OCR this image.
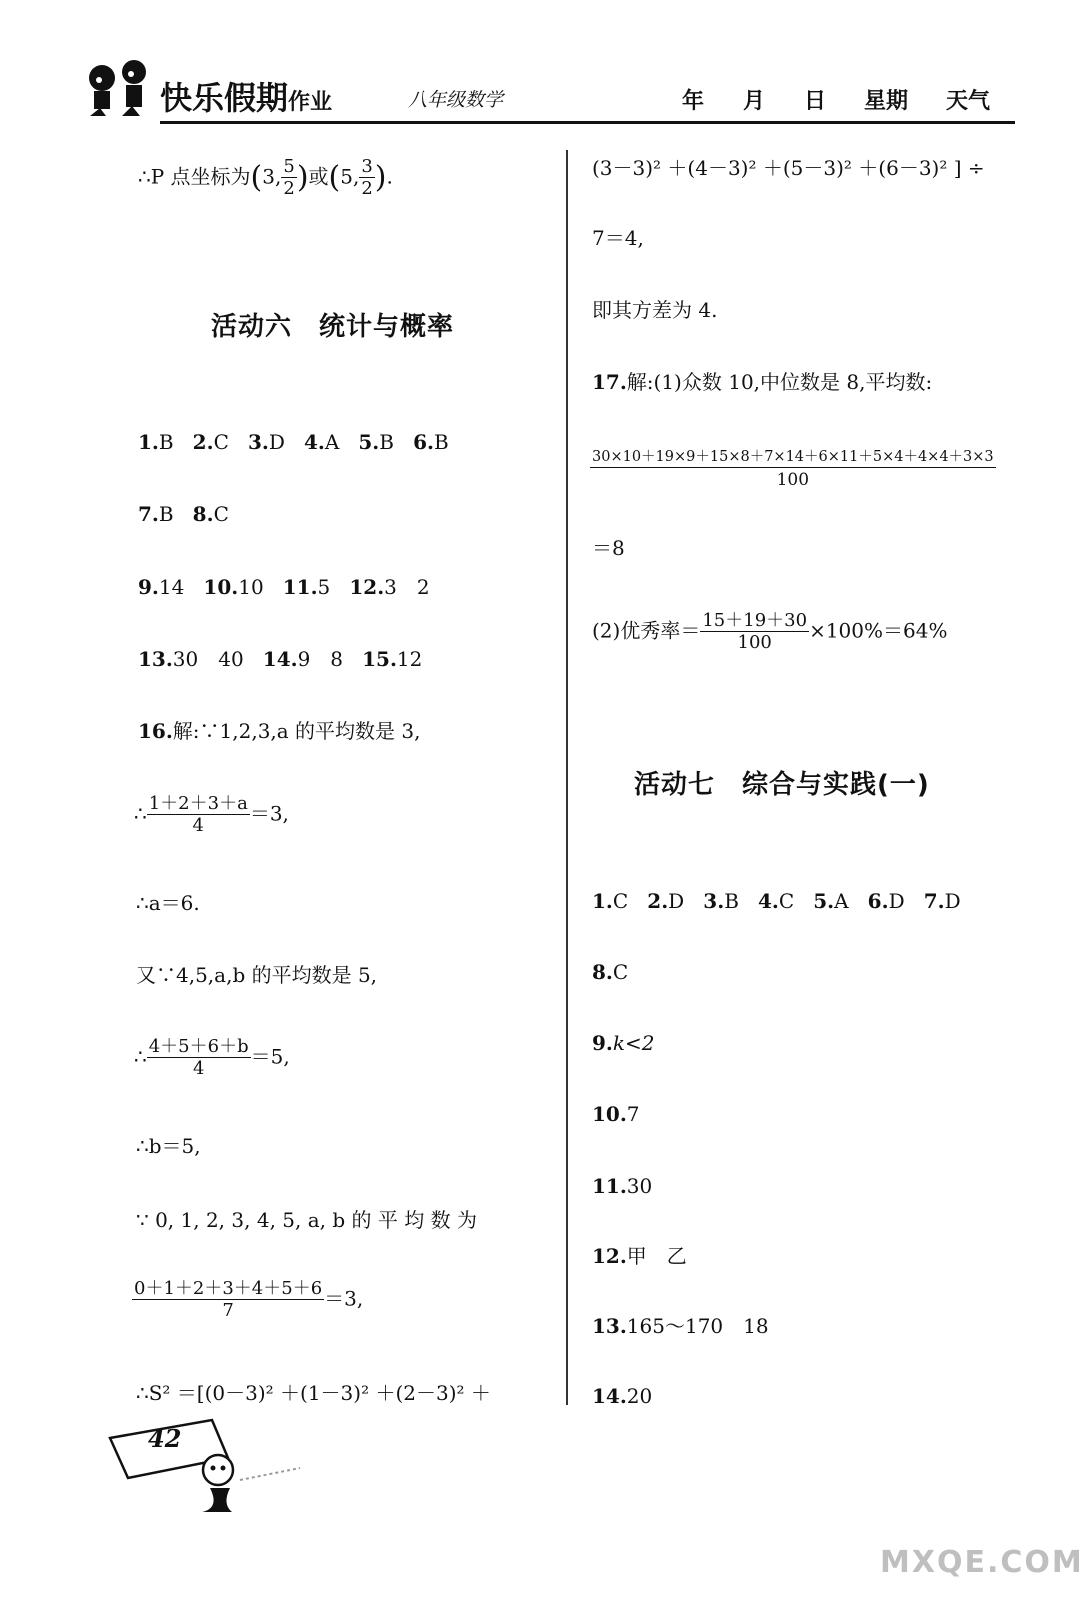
快乐假期作业	八年级数学	年 月 日 星期 天气
∴P 点坐标为(3, $\frac{5}{2}$ )或(5, $\frac{3}{2}$ ).
活动六　统计与概率
1.B 2.C 3.D 4.A 5.B 6.B
7.B 8.C
9.14 10.10 11.5 12.3　2
13.30　40 14.9　8 15.12
16.解:∵1,2,3,a 的平均数是 3,
∴ $\frac{1+2+3+a}{4} =3$,
∴a＝6.
又∵4,5,a,b 的平均数是 5,
∴ $\frac{4+5+6+b}{4} =5$,
∴b＝5,
∵ 0, 1, 2, 3, 4, 5, a, b 的 平 均 数 为
$\frac{0+1+2+3+4+5+6}{7} =3$,
∴S² ＝[(0－3)² ＋(1－3)² ＋(2－3)² ＋
42
(3－3)² ＋(4－3)² ＋(5－3)² ＋(6－3)² ] ÷
7＝4,
即其方差为 4.
17.解:(1)众数 10,中位数是 8,平均数:
$\frac{30\times 10+19\times 9+15\times 8+7\times 14+6\times 11+5\times 4+4\times 4+3\times 3}{100}$
＝8
(2)优秀率＝ $\frac{15+19+30}{100} \times 100\%=64\%$
活动七　综合与实践(一)
1.C 2.D 3.B 4.C 5.A 6.D 7.D
8.C
9.k<2
10.7
11.30
12.甲　乙
13.165～170　18
14.20
MXQE.COM
